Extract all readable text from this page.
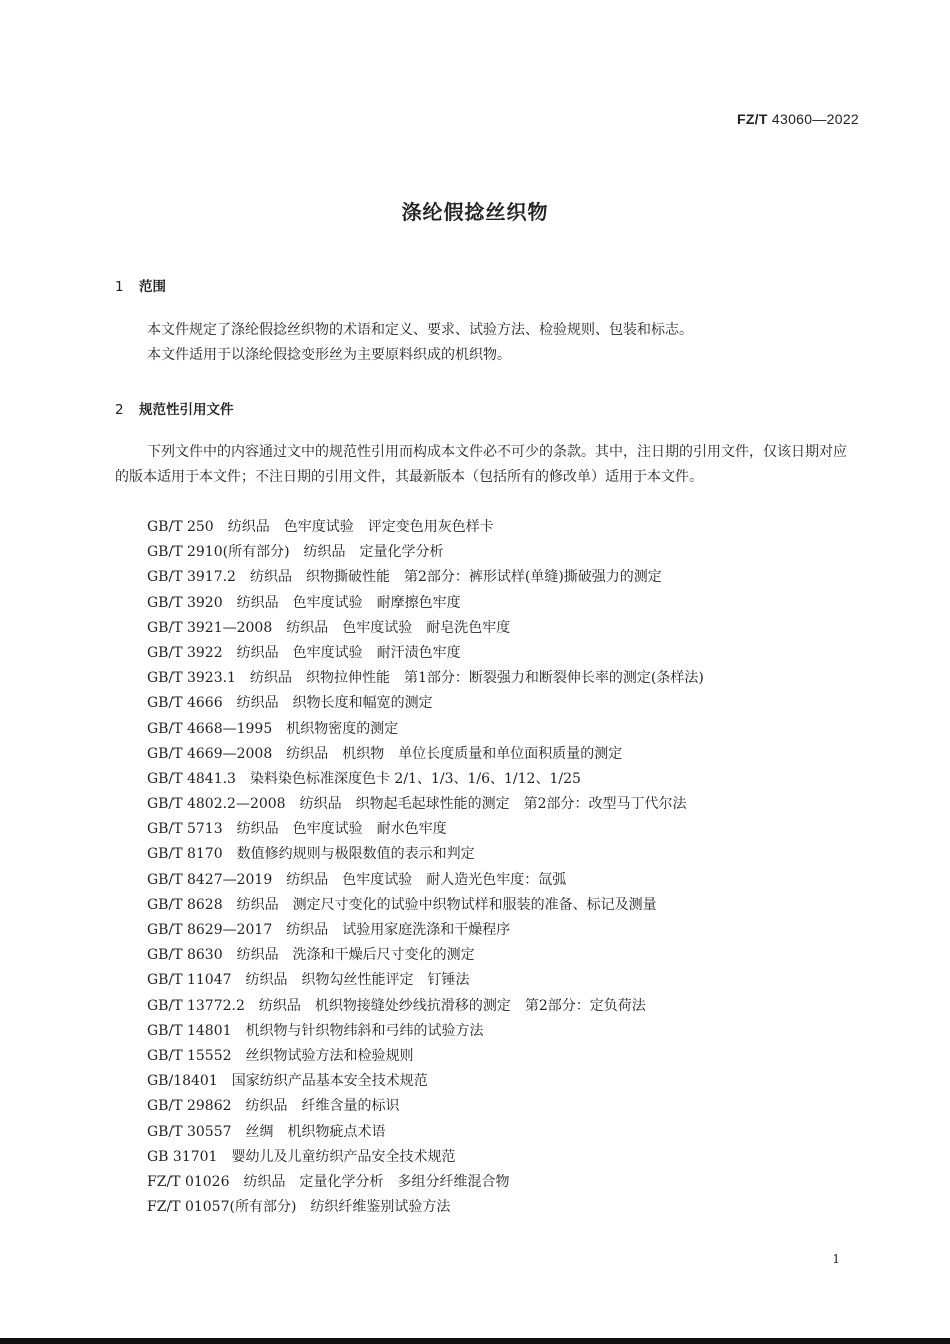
FZ/T 43060—2022
涤纶假捻丝织物
1 范围
本文件规定了涤纶假捻丝织物的术语和定义、要求、试验方法、检验规则、包装和标志。
本文件适用于以涤纶假捻变形丝为主要原料织成的机织物。
2 规范性引用文件
下列文件中的内容通过文中的规范性引用而构成本文件必不可少的条款。其中，注日期的引用文件，仅该日期对应的版本适用于本文件；不注日期的引用文件，其最新版本（包括所有的修改单）适用于本文件。
GB/T 250 纺织品　色牢度试验　评定变色用灰色样卡
GB/T 2910(所有部分) 纺织品　定量化学分析
GB/T 3917.2 纺织品　织物撕破性能　第2部分：裤形试样(单缝)撕破强力的测定
GB/T 3920 纺织品　色牢度试验　耐摩擦色牢度
GB/T 3921—2008 纺织品　色牢度试验　耐皂洗色牢度
GB/T 3922 纺织品　色牢度试验　耐汗渍色牢度
GB/T 3923.1 纺织品　织物拉伸性能　第1部分：断裂强力和断裂伸长率的测定(条样法)
GB/T 4666 纺织品　织物长度和幅宽的测定
GB/T 4668—1995 机织物密度的测定
GB/T 4669—2008 纺织品　机织物　单位长度质量和单位面积质量的测定
GB/T 4841.3 染料染色标准深度色卡 2/1、1/3、1/6、1/12、1/25
GB/T 4802.2—2008 纺织品　织物起毛起球性能的测定　第2部分：改型马丁代尔法
GB/T 5713 纺织品　色牢度试验　耐水色牢度
GB/T 8170 数值修约规则与极限数值的表示和判定
GB/T 8427—2019 纺织品　色牢度试验　耐人造光色牢度：氙弧
GB/T 8628 纺织品　测定尺寸变化的试验中织物试样和服装的准备、标记及测量
GB/T 8629—2017 纺织品　试验用家庭洗涤和干燥程序
GB/T 8630 纺织品　洗涤和干燥后尺寸变化的测定
GB/T 11047 纺织品　织物勾丝性能评定　钉锤法
GB/T 13772.2 纺织品　机织物接缝处纱线抗滑移的测定　第2部分：定负荷法
GB/T 14801 机织物与针织物纬斜和弓纬的试验方法
GB/T 15552 丝织物试验方法和检验规则
GB/18401 国家纺织产品基本安全技术规范
GB/T 29862 纺织品　纤维含量的标识
GB/T 30557 丝绸　机织物疵点术语
GB 31701 婴幼儿及儿童纺织产品安全技术规范
FZ/T 01026 纺织品　定量化学分析　多组分纤维混合物
FZ/T 01057(所有部分) 纺织纤维鉴别试验方法
1
